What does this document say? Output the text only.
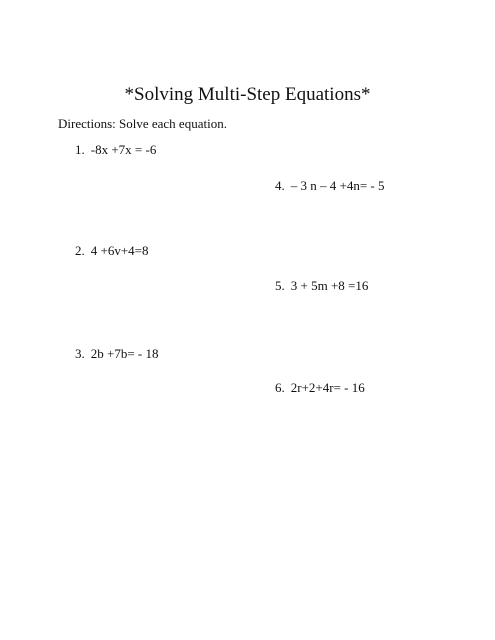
*Solving Multi-Step Equations*
Directions: Solve each equation.
1. -8x +7x = -6
2. 4 +6v+4=8
3. 2b +7b= - 18
4. – 3 n – 4 +4n= - 5
5. 3 + 5m +8 =16
6. 2r+2+4r= - 16
